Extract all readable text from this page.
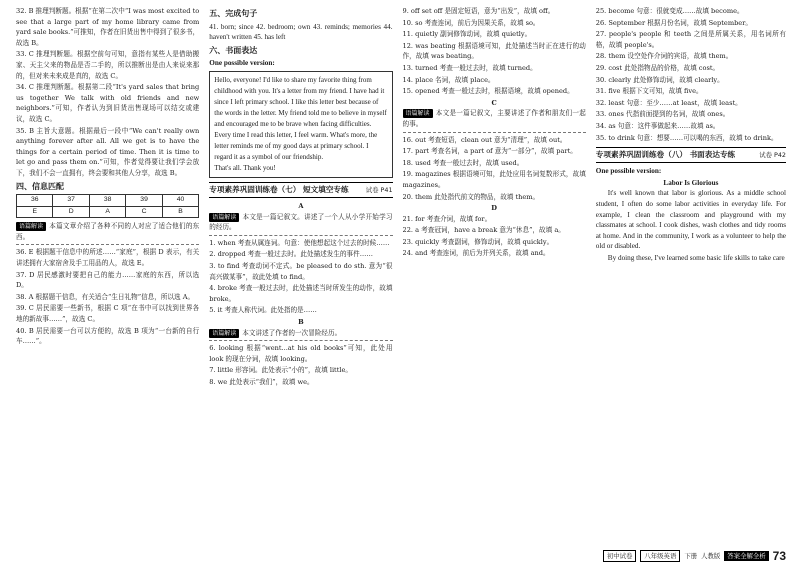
32. B 推理判断题。根据“在第二次中“I was most excited to see that a large part of my home library came from yard sale books.”可推知，作者在旧货出售中得到了很多书，故选 B。

33. C 推理判断题。根据空前句可知，意指有某些人是借助搬家、天主父来的物品是否二手的，所以推断出是由人来说来那的，但对来未来成是真的，故选 C。

34. C 推理判断题。根据第二段“It's yard sales that bring us together We talk with old friends and new neighbors.”可知，作者认为到旧货出售现场可以结交或建议，故选 C。

35. B 主旨大意题。根据最后一段中“We can't really own anything forever after all. All we get is to have the things for a certain period of time. Then it is time to let go and pass them on.”可知，作者觉得要让我们学会放下，我们不会一直拥有，终会要和其他人分享，故选 B。

四、信息匹配
36	37	38	39	40
E	D	A	C	B

语篇解读 本篇文章介绍了各种不同的人对应了适合他们的东西。

36. E 根据题干信息中的所述……“家庭”，根据 D 表示，有关讲述拥有大家宿舍及手工用品的人，故选 E。

37. D 居民感激时要把自己的能力……家庭的东西，所以选 D。

38. A 根据题干信息，有关适合“生日礼物”信息，所以选 A。

39. C 居民需要一些新书，根据 C 项“在书中可以找到世界各地的新故事……”，故选 C。

40. B 居民需要一台可以方便的，故选 B 项为“一台新的自行车……”。

五、完成句子

41. born; since 42. bedroom; own 43. reminds; memories 44. haven't written 45. has left

六、书面表达

One possible version:

Hello, everyone! I'd like to share my favorite thing from childhood with you. It's a letter from my friend. I have had it since I left primary school. I like this letter best because of the words in the letter. My friend told me to believe in myself and encouraged me to be brave when facing difficulties. Every time I read this letter, I feel warm. What's more, the letter reminds me of my good days at primary school. I regard it as a symbol of our friendship.
That's all. Thank you!
专项素养巩固训练卷（七） 短文填空专练	试卷 P41
A

语篇解读 本文是一篇记叙文。讲述了一个人从小学开始学习的经历。

1. when 考查从属连词。句意：使他想起这个过去的时候……

2. dropped 考查一般过去时。此处描述发生的事件……

3. to find 考查动词不定式。be pleased to do sth. 意为“很高兴做某事”，故此处填 to find。

4. broke 考查一般过去时，此处描述当时所发生的动作，故填 broke。

5. it 考查人称代词。此处指的是……

B

语篇解读 本文讲述了作者的一次冒险经历。

6. looking 根据“went...at his old books”可知，此处用 look 的现在分词，故填 looking。

7. little 形容词。此处表示“小的”，故填 little。

8. we 此处表示“我们”，故填 we。

9. off set off 是固定短语，意为“出发”，故填 off。

10. so 考查连词，前后为因果关系，故填 so。

11. quietly 副词修饰动词，故填 quietly。

12. was beating 根据语境可知，此处描述当时正在进行的动作，故填 was beating。

13. turned 考查一般过去时，故填 turned。

14. place 名词，故填 place。

15. opened 考查一般过去时，根据语境，故填 opened。

C

语篇解读 本文是一篇记叙文，主要讲述了作者和朋友们一起的事。

16. out 考查短语，clean out 意为“清理”，故填 out。

17. part 考查名词，a part of 意为“一部分”，故填 part。

18. used 考查一般过去时，故填 used。

19. magazines 根据语境可知，此处应用名词复数形式，故填 magazines。

20. them 此处指代前文的物品，故填 them。

D

21. for 考查介词，故填 for。

22. a 考查冠词，have a break 意为“休息”，故填 a。

23. quickly 考查副词，修饰动词，故填 quickly。

24. and 考查连词，前后为并列关系，故填 and。

25. become 句意：很就变成……故填 become。

26. September 根据月份名词，故填 September。

27. people's people 和 teeth 之间是所属关系，用名词所有格，故填 people's。

28. them 设空处作介词的宾语，故填 them。

29. cost 此处指物品的价格，故填 cost。

30. clearly 此处修饰动词，故填 clearly。

31. five 根据下文可知，故填 five。

32. least 句意：至少……at least，故填 least。

33. ones 代指前面提到的名词，故填 ones。

34. as 句意：这件事做起来……故填 as。

35. to drink 句意：想要……可以喝的东西，故填 to drink。

专项素养巩固训练卷（八） 书面表达专练	试卷 P42

One possible version:

Labor Is Glorious

It's well known that labor is glorious. As a middle school student, I often do some labor activities in everyday life. For example, I clean the classroom and playground with my classmates at school. I cook dishes, wash clothes and tidy rooms at home. And in the community, I work as a volunteer to help the old or disabled.

By doing these, I've learned some basic life skills to take care

初中试卷	八年级英语	下册 人教版	答案全解全析 73
